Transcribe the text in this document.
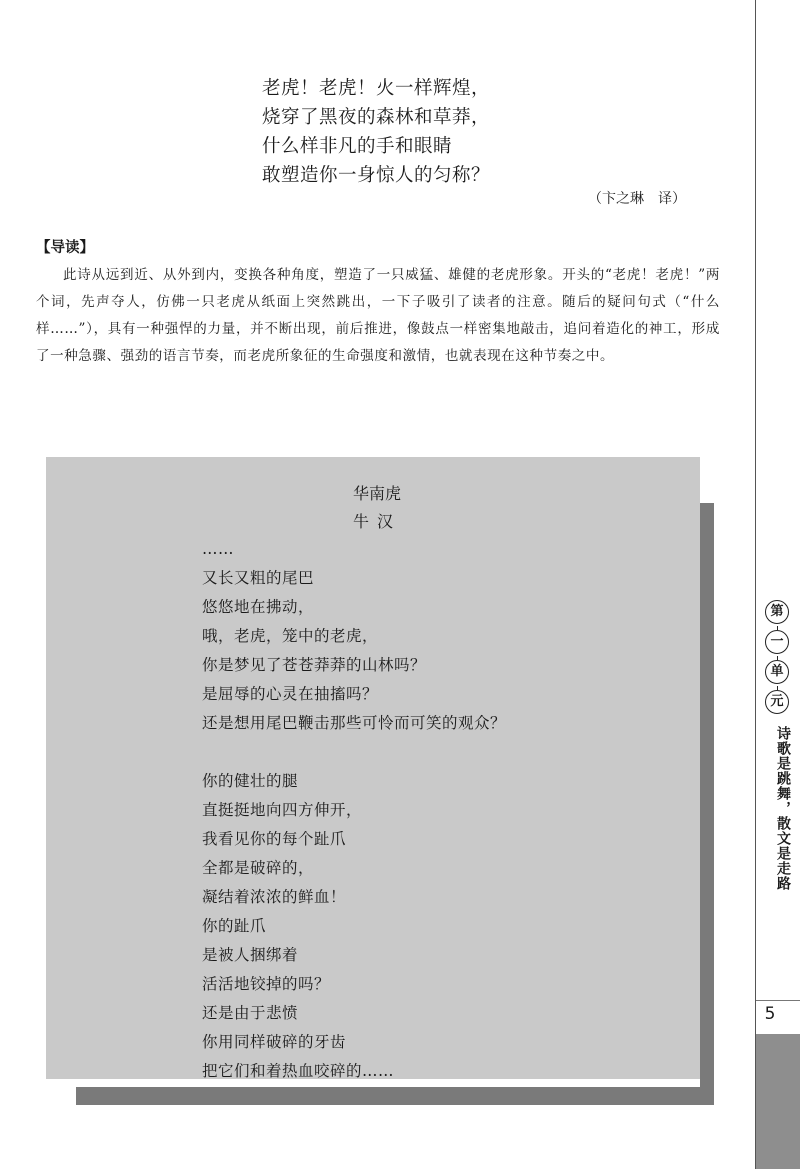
老虎！老虎！火一样辉煌，
烧穿了黑夜的森林和草莽，
什么样非凡的手和眼睛
敢塑造你一身惊人的匀称？
（卞之琳　译）
【导读】
此诗从远到近、从外到内，变换各种角度，塑造了一只威猛、雄健的老虎形象。开头的“老虎！老虎！”两个词，先声夺人，仿佛一只老虎从纸面上突然跳出，一下子吸引了读者的注意。随后的疑问句式（“什么样……”），具有一种强悍的力量，并不断出现，前后推进，像鼓点一样密集地敲击，追问着造化的神工，形成了一种急骤、强劲的语言节奏，而老虎所象征的生命强度和激情，也就表现在这种节奏之中。
华南虎
牛汉
……
又长又粗的尾巴
悠悠地在拂动，
哦，老虎，笼中的老虎，
你是梦见了苍苍莽莽的山林吗？
是屈辱的心灵在抽搐吗？
还是想用尾巴鞭击那些可怜而可笑的观众？
你的健壮的腿
直挺挺地向四方伸开，
我看见你的每个趾爪
全都是破碎的，
凝结着浓浓的鲜血！
你的趾爪
是被人捆绑着
活活地铰掉的吗？
还是由于悲愤
你用同样破碎的牙齿
把它们和着热血咬碎的……
第
一
单
元
诗歌是跳舞，散文是走路
5
